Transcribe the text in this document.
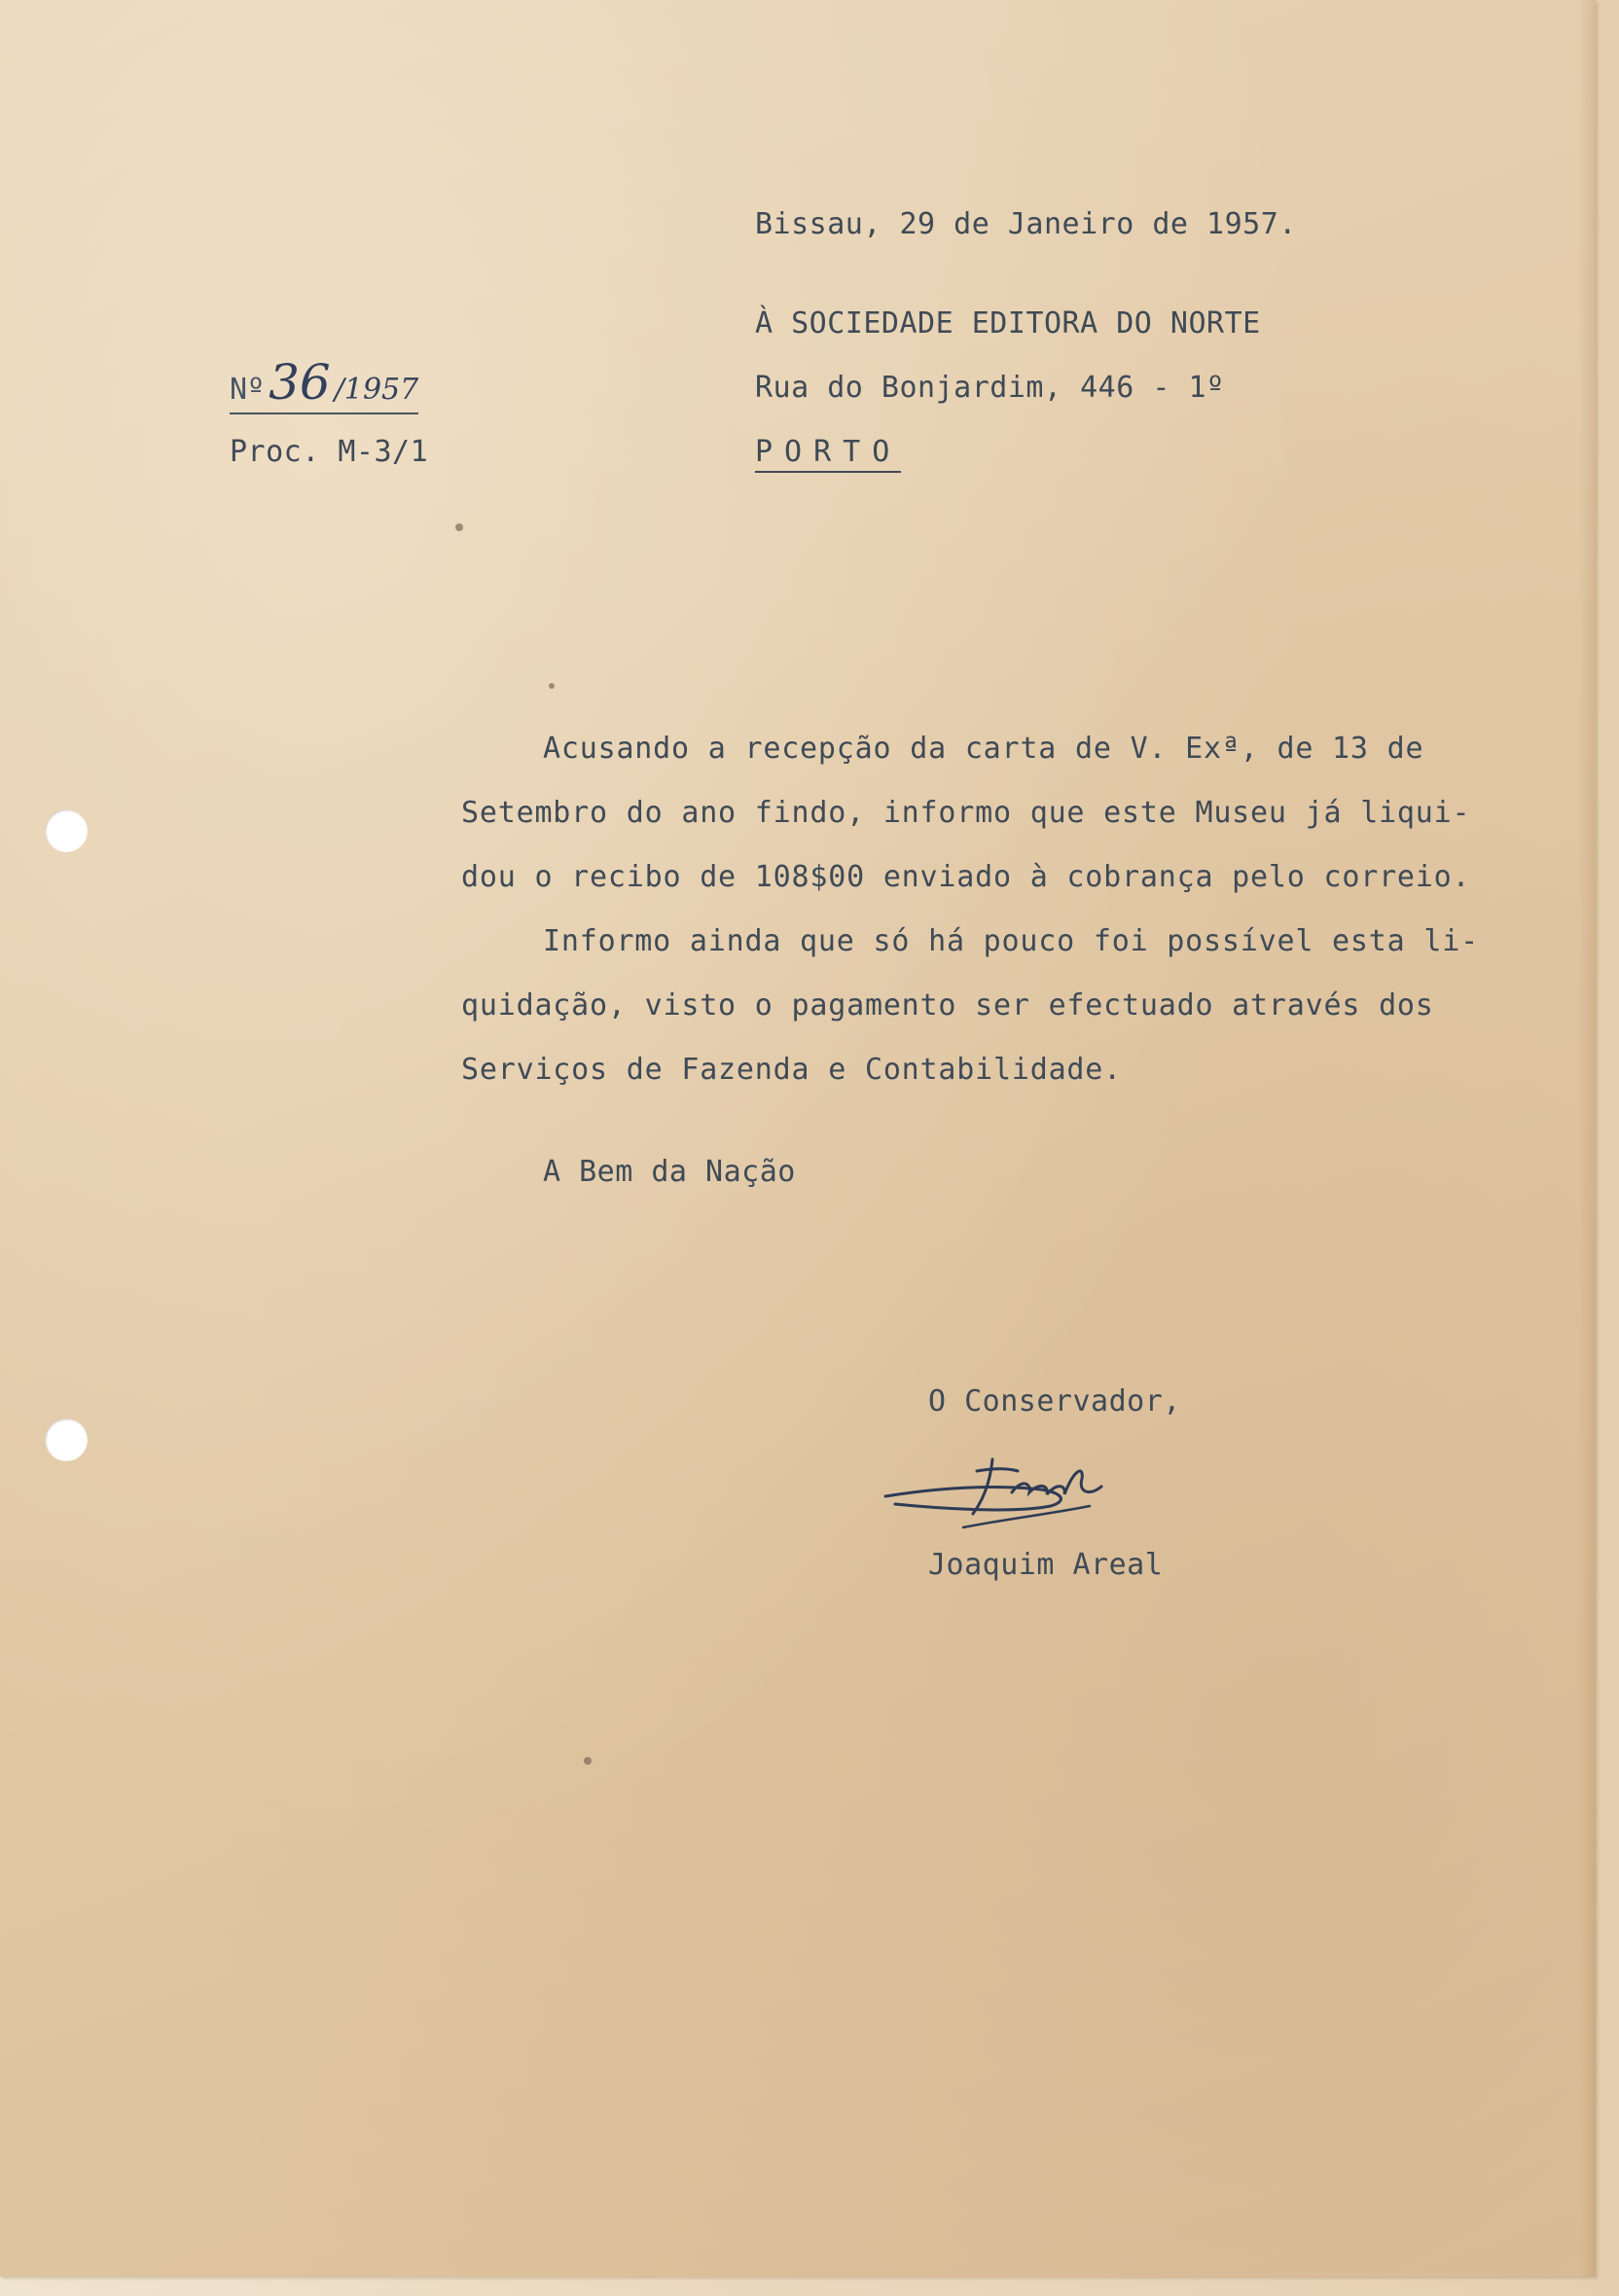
Bissau, 29 de Janeiro de 1957.
À SOCIEDADE EDITORA DO NORTE
Rua do Bonjardim, 446 - 1º
PORTO
Nº36 /1957
Proc. M-3/1
Acusando a recepção da carta de V. Exª, de 13 de
Setembro do ano findo, informo que este Museu já liqui-
dou o recibo de 108$00 enviado à cobrança pelo correio.
Informo ainda que só há pouco foi possível esta li-
quidação, visto o pagamento ser efectuado através dos
Serviços de Fazenda e Contabilidade.
A Bem da Nação
O Conservador,
Joaquim Areal
